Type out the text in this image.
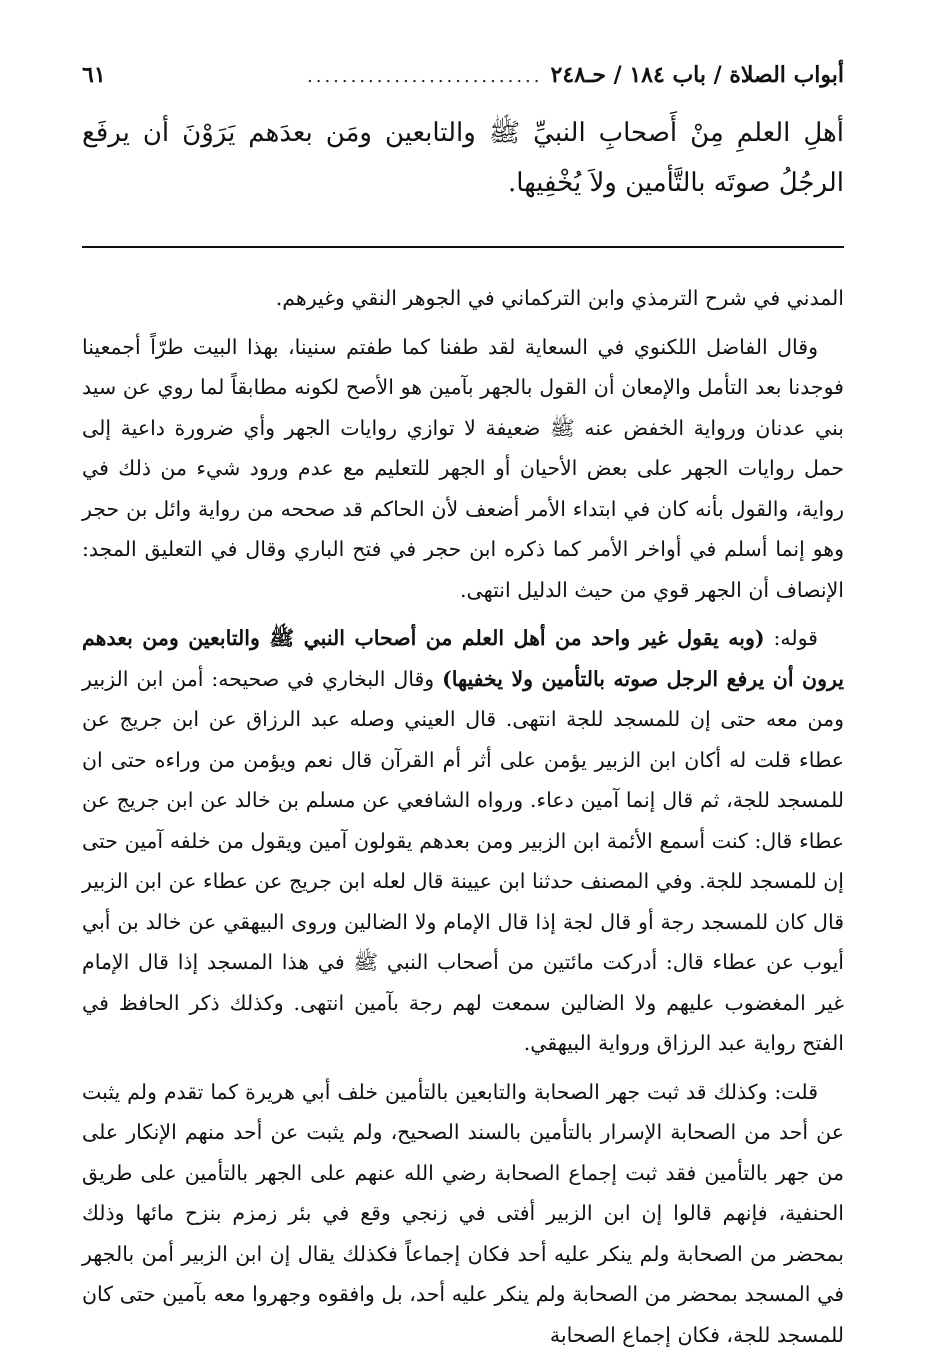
أبواب الصلاة / باب ١٨٤ / حـ٢٤٨
...........................
٦١
أهلِ العلمِ مِنْ أَصحابِ النبيِّ ﷺ والتابعين ومَن بعدَهم يَرَوْنَ أن يرفَع الرجُلُ صوتَه بالتَّأمين ولاَ يُخْفِيها.

المدني في شرح الترمذي وابن التركماني في الجوهر النقي وغيرهم.

وقال الفاضل اللكنوي في السعاية لقد طفنا كما طفتم سنينا، بهذا البيت طرّاً أجمعينا فوجدنا بعد التأمل والإمعان أن القول بالجهر بآمين هو الأصح لكونه مطابقاً لما روي عن سيد بني عدنان ورواية الخفض عنه ﷺ ضعيفة لا توازي روايات الجهر وأي ضرورة داعية إلى حمل روايات الجهر على بعض الأحيان أو الجهر للتعليم مع عدم ورود شيء من ذلك في رواية، والقول بأنه كان في ابتداء الأمر أضعف لأن الحاكم قد صححه من رواية وائل بن حجر وهو إنما أسلم في أواخر الأمر كما ذكره ابن حجر في فتح الباري وقال في التعليق المجد: الإنصاف أن الجهر قوي من حيث الدليل انتهى.

قوله: (وبه يقول غير واحد من أهل العلم من أصحاب النبي ﷺ والتابعين ومن بعدهم يرون أن يرفع الرجل صوته بالتأمين ولا يخفيها) وقال البخاري في صحيحه: أمن ابن الزبير ومن معه حتى إن للمسجد للجة انتهى. قال العيني وصله عبد الرزاق عن ابن جريج عن عطاء قلت له أكان ابن الزبير يؤمن على أثر أم القرآن قال نعم ويؤمن من وراءه حتى ان للمسجد للجة، ثم قال إنما آمين دعاء. ورواه الشافعي عن مسلم بن خالد عن ابن جريج عن عطاء قال: كنت أسمع الأئمة ابن الزبير ومن بعدهم يقولون آمين ويقول من خلفه آمين حتى إن للمسجد للجة. وفي المصنف حدثنا ابن عيينة قال لعله ابن جريج عن عطاء عن ابن الزبير قال كان للمسجد رجة أو قال لجة إذا قال الإمام ولا الضالين وروى البيهقي عن خالد بن أبي أيوب عن عطاء قال: أدركت مائتين من أصحاب النبي ﷺ في هذا المسجد إذا قال الإمام غير المغضوب عليهم ولا الضالين سمعت لهم رجة بآمين انتهى. وكذلك ذكر الحافظ في الفتح رواية عبد الرزاق ورواية البيهقي.

قلت: وكذلك قد ثبت جهر الصحابة والتابعين بالتأمين خلف أبي هريرة كما تقدم ولم يثبت عن أحد من الصحابة الإسرار بالتأمين بالسند الصحيح، ولم يثبت عن أحد منهم الإنكار على من جهر بالتأمين فقد ثبت إجماع الصحابة رضي الله عنهم على الجهر بالتأمين على طريق الحنفية، فإنهم قالوا إن ابن الزبير أفتى في زنجي وقع في بئر زمزم بنزح مائها وذلك بمحضر من الصحابة ولم ينكر عليه أحد فكان إجماعاً فكذلك يقال إن ابن الزبير أمن بالجهر في المسجد بمحضر من الصحابة ولم ينكر عليه أحد، بل وافقوه وجهروا معه بآمين حتى كان للمسجد للجة، فكان إجماع الصحابة
